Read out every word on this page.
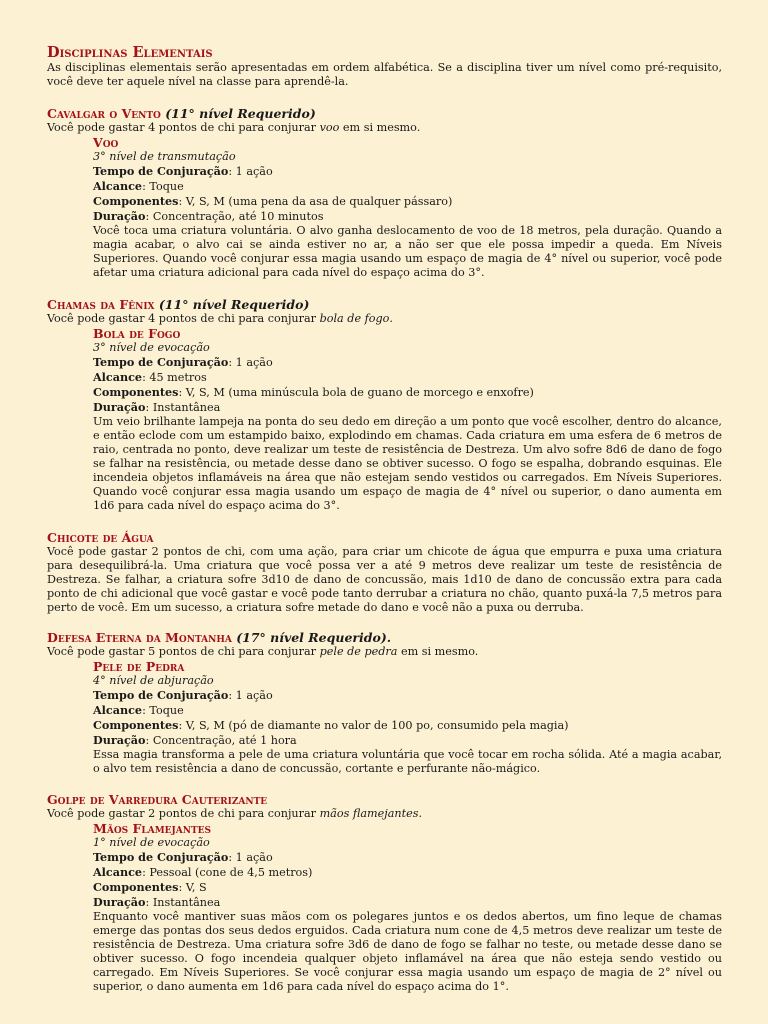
Disciplinas Elementais

As disciplinas elementais serão apresentadas em ordem alfabética. Se a disciplina tiver um nível como pré-requisito, você deve ter aquele nível na classe para aprendê-la.

Cavalgar o Vento (11° nível Requerido)

Você pode gastar 4 pontos de chi para conjurar voo em si mesmo.

Voo

3° nível de transmutação

Tempo de Conjuração: 1 ação

Alcance: Toque

Componentes: V, S, M (uma pena da asa de qualquer pássaro)

Duração: Concentração, até 10 minutos

Você toca uma criatura voluntária. O alvo ganha deslocamento de voo de 18 metros, pela duração. Quando a magia acabar, o alvo cai se ainda estiver no ar, a não ser que ele possa impedir a queda. Em Níveis Superiores. Quando você conjurar essa magia usando um espaço de magia de 4° nível ou superior, você pode afetar uma criatura adicional para cada nível do espaço acima do 3°.

Chamas da Fênix (11° nível Requerido)

Você pode gastar 4 pontos de chi para conjurar bola de fogo.

Bola de Fogo

3° nível de evocação

Tempo de Conjuração: 1 ação

Alcance: 45 metros

Componentes: V, S, M (uma minúscula bola de guano de morcego e enxofre)

Duração: Instantânea

Um veio brilhante lampeja na ponta do seu dedo em direção a um ponto que você escolher, dentro do alcance, e então eclode com um estampido baixo, explodindo em chamas. Cada criatura em uma esfera de 6 metros de raio, centrada no ponto, deve realizar um teste de resistência de Destreza. Um alvo sofre 8d6 de dano de fogo se falhar na resistência, ou metade desse dano se obtiver sucesso. O fogo se espalha, dobrando esquinas. Ele incendeia objetos inflamáveis na área que não estejam sendo vestidos ou carregados. Em Níveis Superiores. Quando você conjurar essa magia usando um espaço de magia de 4° nível ou superior, o dano aumenta em 1d6 para cada nível do espaço acima do 3°.

Chicote de Água

Você pode gastar 2 pontos de chi, com uma ação, para criar um chicote de água que empurra e puxa uma criatura para desequilibrá-la. Uma criatura que você possa ver a até 9 metros deve realizar um teste de resistência de Destreza. Se falhar, a criatura sofre 3d10 de dano de concussão, mais 1d10 de dano de concussão extra para cada ponto de chi adicional que você gastar e você pode tanto derrubar a criatura no chão, quanto puxá-la 7,5 metros para perto de você. Em um sucesso, a criatura sofre metade do dano e você não a puxa ou derruba.

Defesa Eterna da Montanha (17° nível Requerido).

Você pode gastar 5 pontos de chi para conjurar pele de pedra em si mesmo.

Pele de Pedra

4° nível de abjuração

Tempo de Conjuração: 1 ação

Alcance: Toque

Componentes: V, S, M (pó de diamante no valor de 100 po, consumido pela magia)

Duração: Concentração, até 1 hora

Essa magia transforma a pele de uma criatura voluntária que você tocar em rocha sólida. Até a magia acabar, o alvo tem resistência a dano de concussão, cortante e perfurante não-mágico.

Golpe de Varredura Cauterizante

Você pode gastar 2 pontos de chi para conjurar mãos flamejantes.

Mãos Flamejantes

1° nível de evocação

Tempo de Conjuração: 1 ação

Alcance: Pessoal (cone de 4,5 metros)

Componentes: V, S

Duração: Instantânea

Enquanto você mantiver suas mãos com os polegares juntos e os dedos abertos, um fino leque de chamas emerge das pontas dos seus dedos erguidos. Cada criatura num cone de 4,5 metros deve realizar um teste de resistência de Destreza. Uma criatura sofre 3d6 de dano de fogo se falhar no teste, ou metade desse dano se obtiver sucesso. O fogo incendeia qualquer objeto inflamável na área que não esteja sendo vestido ou carregado. Em Níveis Superiores. Se você conjurar essa magia usando um espaço de magia de 2° nível ou superior, o dano aumenta em 1d6 para cada nível do espaço acima do 1°.
